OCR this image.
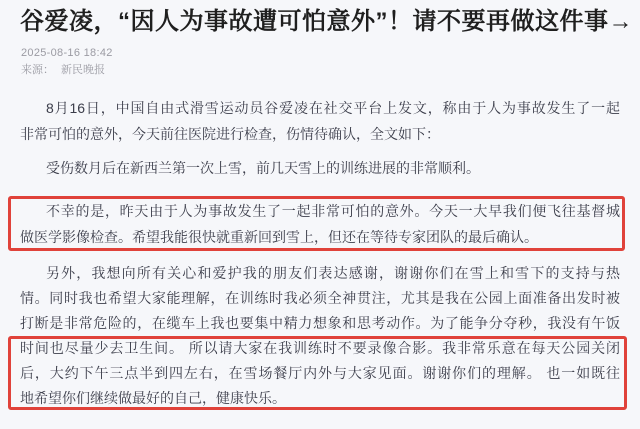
谷爱凌，“因人为事故遭可怕意外”！请不要再做这件事→
2025-08-16 18:42
来源： 新民晚报
8月16日，中国自由式滑雪运动员谷爱凌在社交平台上发文，称由于人为事故发生了一起
非常可怕的意外，今天前往医院进行检查，伤情待确认，全文如下：
受伤数月后在新西兰第一次上雪，前几天雪上的训练进展的非常顺利。
不幸的是，昨天由于人为事故发生了一起非常可怕的意外。今天一大早我们便飞往基督城
做医学影像检查。希望我能很快就重新回到雪上，但还在等待专家团队的最后确认。
另外，我想向所有关心和爱护我的朋友们表达感谢，谢谢你们在雪上和雪下的支持与热
情。同时我也希望大家能理解，在训练时我必须全神贯注，尤其是我在公园上面准备出发时被
打断是非常危险的，在缆车上我也要集中精力想象和思考动作。为了能争分夺秒，我没有午饭
时间也尽量少去卫生间。 所以请大家在我训练时不要录像合影。我非常乐意在每天公园关闭
后，大约下午三点半到四左右，在雪场餐厅内外与大家见面。谢谢你们的理解。 也一如既往
地希望你们继续做最好的自己，健康快乐。
